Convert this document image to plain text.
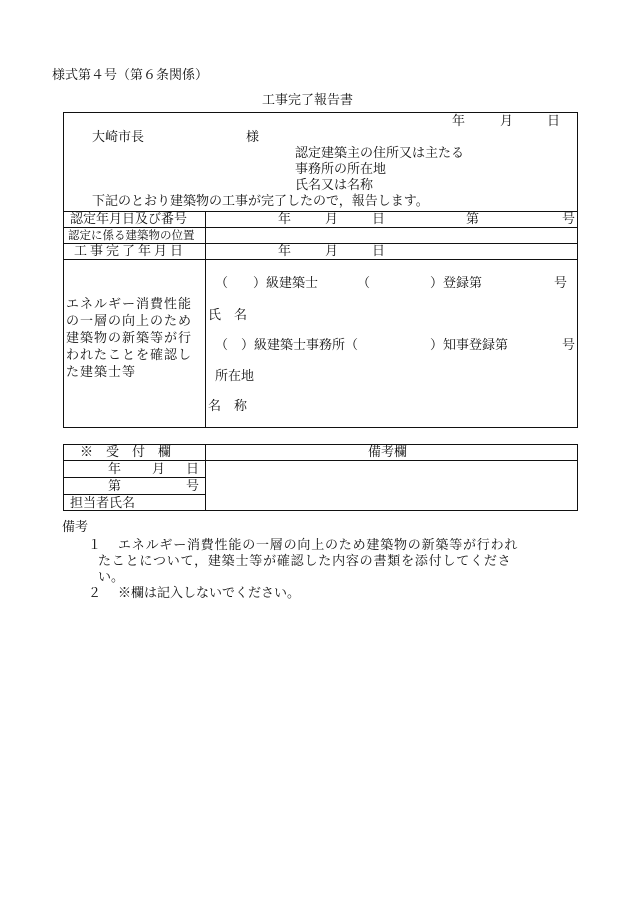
様式第４号（第６条関係）
工事完了報告書
年	月	日
大崎市長	様
認定建築主の住所又は主たる
事務所の所在地
氏名又は名称
下記のとおり建築物の工事が完了したので，報告します。
認定年月日及び番号	年	月	日	第	号
認定に係る建築物の位置
工事完了年月日	年	月	日
エネルギー消費性能の一層の向上のため建築物の新築等が行われたことを確認した建築士等
（ ）級建築士	（	）登録第	号
氏　名
（　）級建築士事務所（	）知事登録第	号
所在地
名　称
※　受　付　欄	備考欄
年 月 日
第	号
担当者氏名
備考
１ エネルギー消費性能の一層の向上のため建築物の新築等が行われ
たことについて，建築士等が確認した内容の書類を添付してくださ
い。
２ ※欄は記入しないでください。
